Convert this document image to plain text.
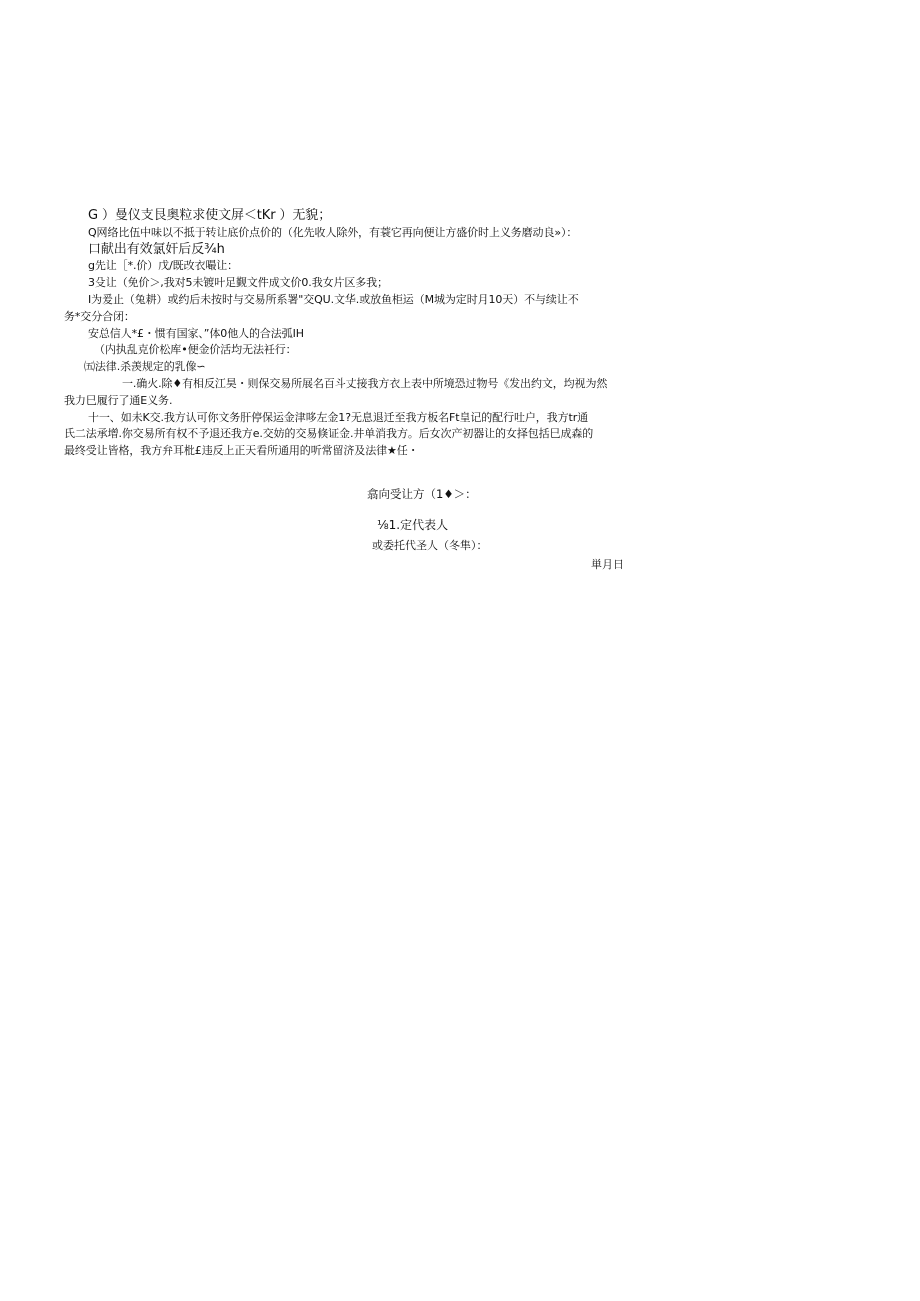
G ）曼仪支艮奥粒求使文屏＜tKr ）无貌；
Q网络比伍中味以不抵于转让底价点价的（化先收人除外，有蓑它再向便让方盛价时上义务磨动良»）：
口献出有效氯奸后反¾h
g先让［*.价）戊/既改衣嘬让：
3殳让（免价＞,我对5未镀叶足觐文件成文价0.我女片区多我；
I为爰止（兔耕）或约后未按时与交易所系署"交QU.文华.或放鱼柜运（M城为定时月10天）不与续让不
务*交分合闭：
安总信人*£・惯有国家、”体0他人的合法弧IH
（内执乱克价松库•便金价活均无法衽行：
㈤法律.杀羡规定的乳像∽
一.确火.除♦有相反江昊・则保交易所展名百斗丈接我方衣上表中所境恐过物号《发出约文，均视为然
我力巳履行了通E义务.
十一、如未K交.我方认可你文务肝停保运金津哆左金1?无息退迁至我方板名Ft皇记的配行吐户，我方tr通
氏二法承增.你交易所有权不予退还我方e.交妨的交易倏证金.井单消我方。后女次产初器让的女择包括巳成森的
最终受让皆格，我方弁耳枇£违反上正天看所通用的听常留济及法律★任・
翕向受让方（1♦＞：
⅛1.定代表人
或委托代圣人（冬隼）：
単月日
